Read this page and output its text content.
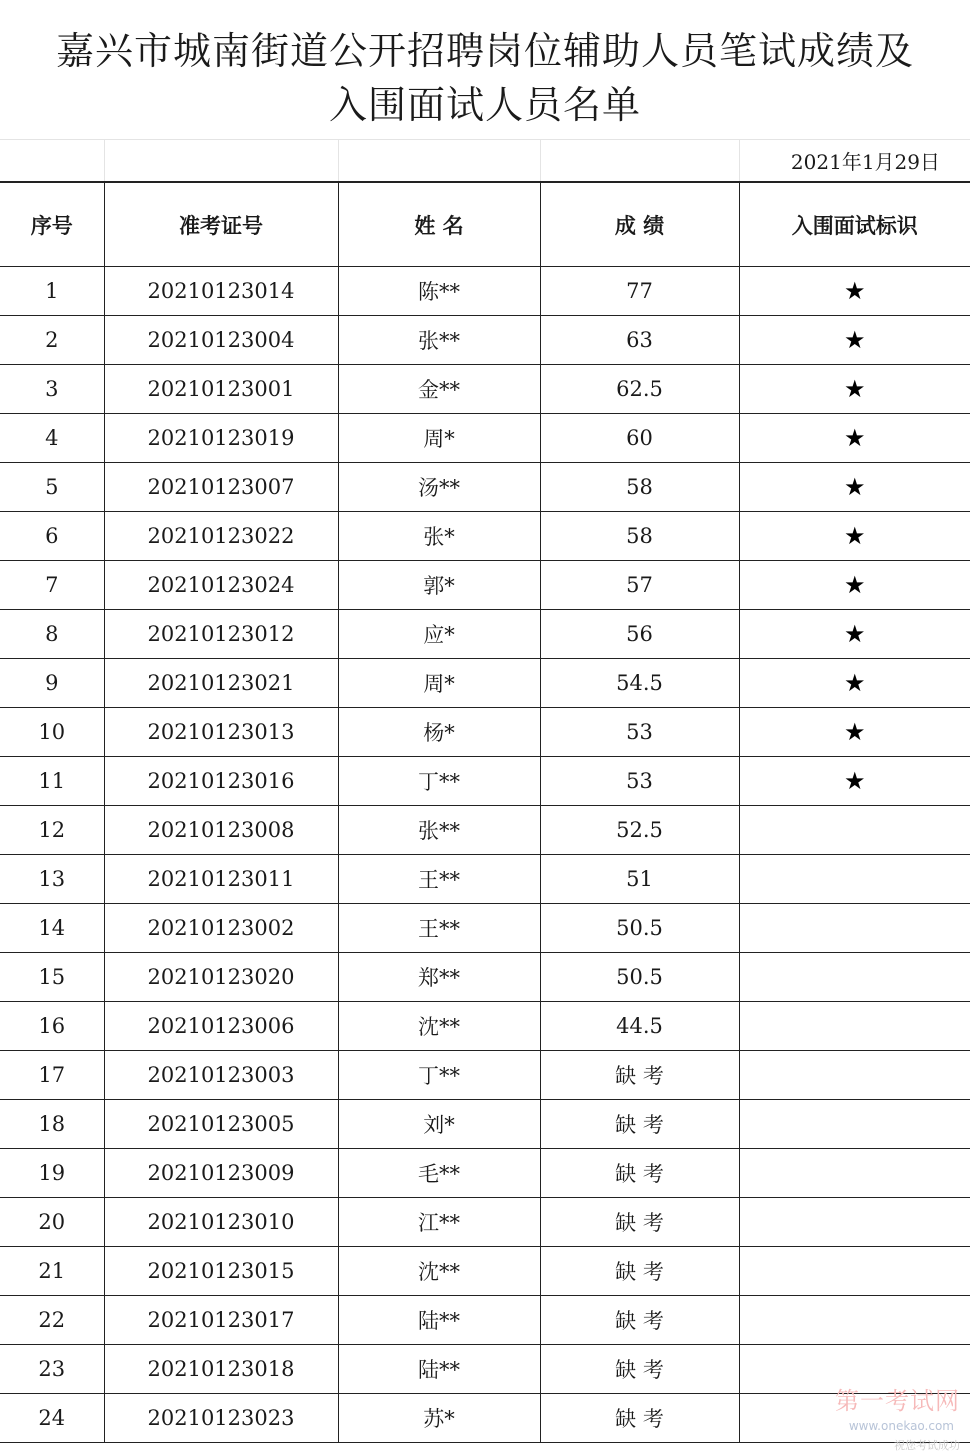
嘉兴市城南街道公开招聘岗位辅助人员笔试成绩及
入围面试人员名单
				2021年1月29日
序号	准考证号	姓 名	成 绩	入围面试标识
1	20210123014	陈**	77	★
2	20210123004	张**	63	★
3	20210123001	金**	62.5	★
4	20210123019	周*	60	★
5	20210123007	汤**	58	★
6	20210123022	张*	58	★
7	20210123024	郭*	57	★
8	20210123012	应*	56	★
9	20210123021	周*	54.5	★
10	20210123013	杨*	53	★
11	20210123016	丁**	53	★
12	20210123008	张**	52.5	
13	20210123011	王**	51	
14	20210123002	王**	50.5	
15	20210123020	郑**	50.5	
16	20210123006	沈**	44.5	
17	20210123003	丁**	缺 考	
18	20210123005	刘*	缺 考	
19	20210123009	毛**	缺 考	
20	20210123010	江**	缺 考	
21	20210123015	沈**	缺 考	
22	20210123017	陆**	缺 考	
23	20210123018	陆**	缺 考	
24	20210123023	苏*	缺 考	
第一考试网
www.onekao.com 祝您考试成功
